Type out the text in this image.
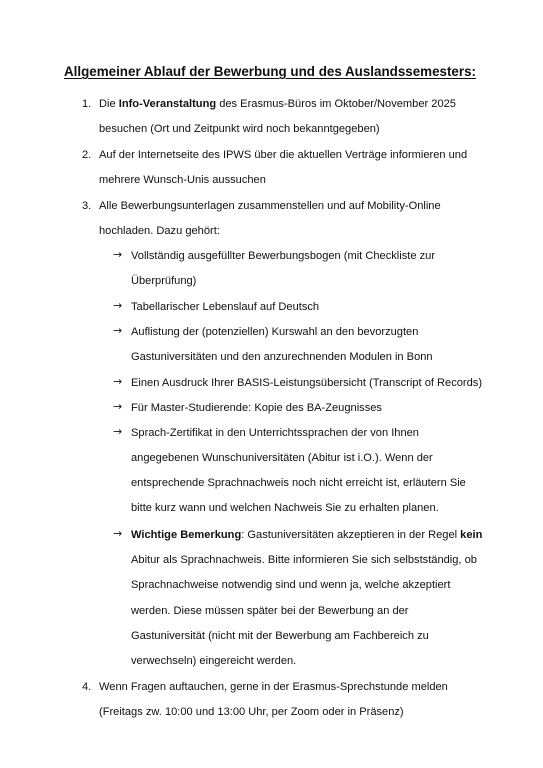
Allgemeiner Ablauf der Bewerbung und des Auslandssemesters:
1. Die Info-Veranstaltung des Erasmus-Büros im Oktober/November 2025
besuchen (Ort und Zeitpunkt wird noch bekanntgegeben)
2. Auf der Internetseite des IPWS über die aktuellen Verträge informieren und
mehrere Wunsch-Unis aussuchen
3. Alle Bewerbungsunterlagen zusammenstellen und auf Mobility-Online
hochladen. Dazu gehört:
→ Vollständig ausgefüllter Bewerbungsbogen (mit Checkliste zur
Überprüfung)
→ Tabellarischer Lebenslauf auf Deutsch
→ Auflistung der (potenziellen) Kurswahl an den bevorzugten
Gastuniversitäten und den anzurechnenden Modulen in Bonn
→ Einen Ausdruck Ihrer BASIS-Leistungsübersicht (Transcript of Records)
→ Für Master-Studierende: Kopie des BA-Zeugnisses
→ Sprach-Zertifikat in den Unterrichtssprachen der von Ihnen
angegebenen Wunschuniversitäten (Abitur ist i.O.). Wenn der
entsprechende Sprachnachweis noch nicht erreicht ist, erläutern Sie
bitte kurz wann und welchen Nachweis Sie zu erhalten planen.
→ Wichtige Bemerkung: Gastuniversitäten akzeptieren in der Regel kein
Abitur als Sprachnachweis. Bitte informieren Sie sich selbstständig, ob
Sprachnachweise notwendig sind und wenn ja, welche akzeptiert
werden. Diese müssen später bei der Bewerbung an der
Gastuniversität (nicht mit der Bewerbung am Fachbereich zu
verwechseln) eingereicht werden.
4. Wenn Fragen auftauchen, gerne in der Erasmus-Sprechstunde melden
(Freitags zw. 10:00 und 13:00 Uhr, per Zoom oder in Präsenz)
